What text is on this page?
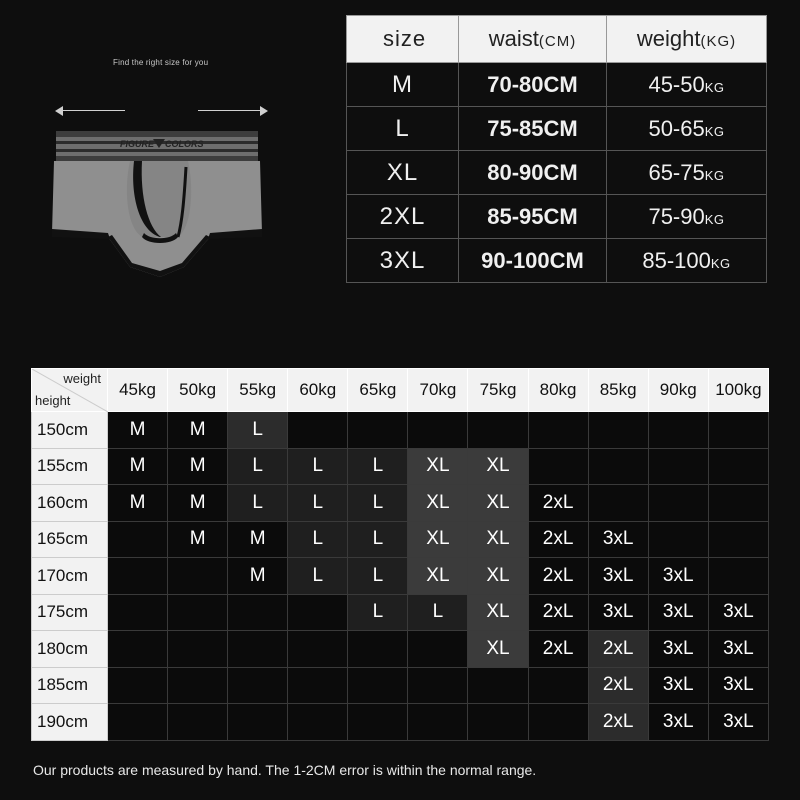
Find the right size for you
FIGURE COLORS
size	waist(CM)	weight(KG)
M	70-80CM	45-50KG
L	75-85CM	50-65KG
XL	80-90CM	65-75KG
2XL	85-95CM	75-90KG
3XL	90-100CM	85-100KG
weight
height	45kg	50kg	55kg	60kg	65kg	70kg	75kg	80kg	85kg	90kg	100kg
150cm	M	M	L								
155cm	M	M	L	L	L	XL	XL				
160cm	M	M	L	L	L	XL	XL	2xL			
165cm		M	M	L	L	XL	XL	2xL	3xL		
170cm			M	L	L	XL	XL	2xL	3xL	3xL	
175cm					L	L	XL	2xL	3xL	3xL	3xL
180cm							XL	2xL	2xL	3xL	3xL
185cm									2xL	3xL	3xL
190cm									2xL	3xL	3xL
Our products are measured by hand. The 1-2CM error is within the normal range.
